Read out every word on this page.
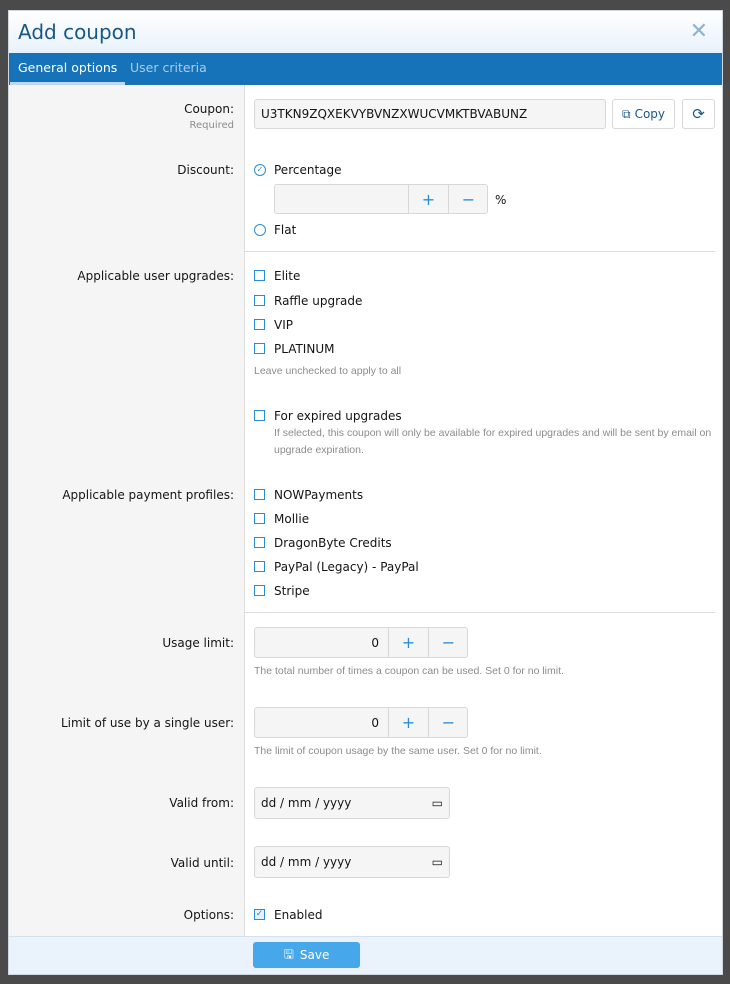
Add coupon	✕
General options	User criteria
Coupon:
Required
U3TKN9ZQXEKVYBVNZXWUCVMKTBVABUNZ	⧉ Copy ⟳
Discount:	✓ Percentage
+	−	%
Flat
Applicable user upgrades:	Elite
Raffle upgrade
VIP
PLATINUM
Leave unchecked to apply to all
For expired upgrades
If selected, this coupon will only be available for expired upgrades and will be sent by email on upgrade expiration.
Applicable payment profiles:	NOWPayments
Mollie
DragonByte Credits
PayPal (Legacy) - PayPal
Stripe
Usage limit:	0	+	−
The total number of times a coupon can be used. Set 0 for no limit.
Limit of use by a single user:	0	+	−
The limit of coupon usage by the same user. Set 0 for no limit.
Valid from: dd / mm / yyyy	▭
Valid until: dd / mm / yyyy	▭
Options: ✓ Enabled
🖫 Save
